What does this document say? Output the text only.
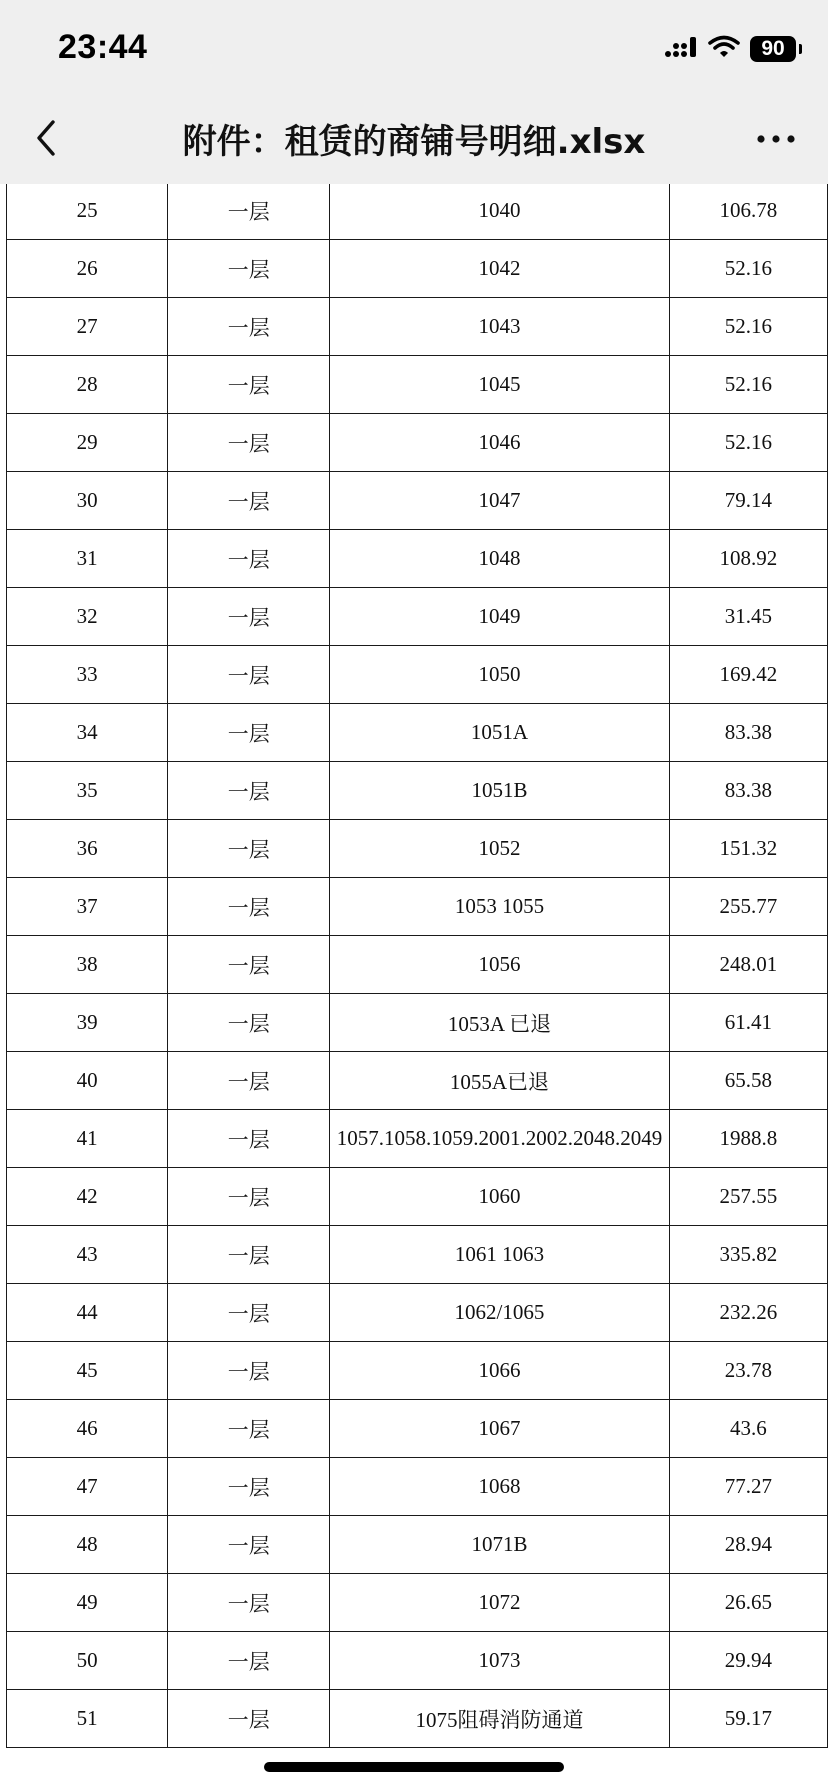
23:44	90
附件：租赁的商铺号明细.xlsx
25	一层	1040	106.78
26	一层	1042	52.16
27	一层	1043	52.16
28	一层	1045	52.16
29	一层	1046	52.16
30	一层	1047	79.14
31	一层	1048	108.92
32	一层	1049	31.45
33	一层	1050	169.42
34	一层	1051A	83.38
35	一层	1051B	83.38
36	一层	1052	151.32
37	一层	1053 1055	255.77
38	一层	1056	248.01
39	一层	1053A 已退	61.41
40	一层	1055A已退	65.58
41	一层	1057.1058.1059.2001.2002.2048.2049	1988.8
42	一层	1060	257.55
43	一层	1061 1063	335.82
44	一层	1062/1065	232.26
45	一层	1066	23.78
46	一层	1067	43.6
47	一层	1068	77.27
48	一层	1071B	28.94
49	一层	1072	26.65
50	一层	1073	29.94
51	一层	1075阻碍消防通道	59.17
